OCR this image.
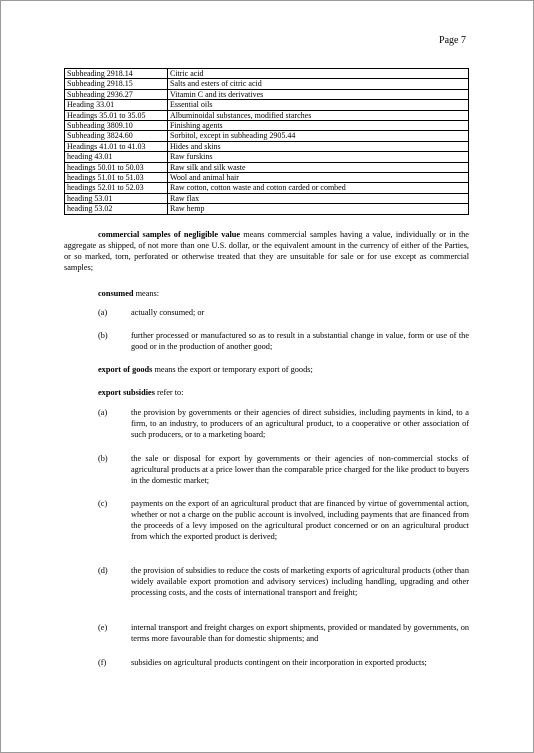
Page 7
Subheading 2918.14	Citric acid
Subheading 2918.15	Salts and esters of citric acid
Subheading 2936.27	Vitamin C and its derivatives
Heading 33.01	Essential oils
Headings 35.01 to 35.05	Albuminoidal substances, modified starches
Subheading 3809.10	Finishing agents
Subheading 3824.60	Sorbitol, except in subheading 2905.44
Headings 41.01 to 41.03	Hides and skins
heading 43.01	Raw furskins
headings 50.01 to 50.03	Raw silk and silk waste
headings 51.01 to 51.03	Wool and animal hair
headings 52.01 to 52.03	Raw cotton, cotton waste and cotton carded or combed
heading 53.01	Raw flax
heading 53.02	Raw hemp
commercial samples of negligible value means commercial samples having a value, individually or in the aggregate as shipped, of not more than one U.S. dollar, or the equivalent amount in the currency of either of the Parties, or so marked, torn, perforated or otherwise treated that they are unsuitable for sale or for use except as commercial samples;
consumed means:
(a)	actually consumed; or
(b)	further processed or manufactured so as to result in a substantial change in value, form or use of the good or in the production of another good;
export of goods means the export or temporary export of goods;
export subsidies refer to:
(a)	the provision by governments or their agencies of direct subsidies, including payments in kind, to a firm, to an industry, to producers of an agricultural product, to a cooperative or other association of such producers, or to a marketing board;
(b)	the sale or disposal for export by governments or their agencies of non-commercial stocks of agricultural products at a price lower than the comparable price charged for the like product to buyers in the domestic market;
(c)	payments on the export of an agricultural product that are financed by virtue of governmental action, whether or not a charge on the public account is involved, including payments that are financed from the proceeds of a levy imposed on the agricultural product concerned or on an agricultural product from which the exported product is derived;
(d)	the provision of subsidies to reduce the costs of marketing exports of agricultural products (other than widely available export promotion and advisory services) including handling, upgrading and other processing costs, and the costs of international transport and freight;
(e)	internal transport and freight charges on export shipments, provided or mandated by governments, on terms more favourable than for domestic shipments; and
(f)	subsidies on agricultural products contingent on their incorporation in exported products;
